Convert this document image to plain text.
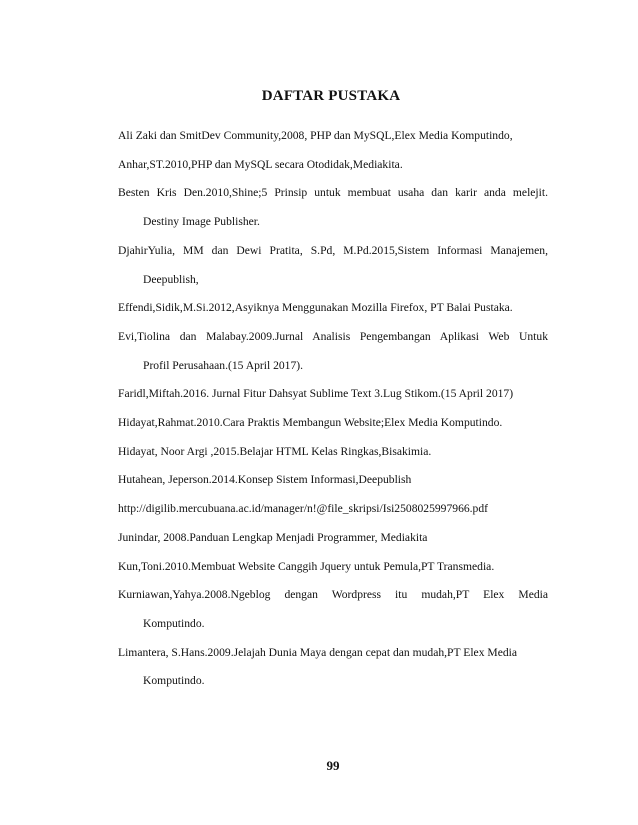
DAFTAR PUSTAKA
Ali Zaki dan SmitDev Community,2008, PHP dan MySQL,Elex Media Komputindo,
Anhar,ST.2010,PHP dan MySQL secara Otodidak,Mediakita.
Besten Kris Den.2010,Shine;5 Prinsip untuk membuat usaha dan karir anda melejit.
Destiny Image Publisher.
DjahirYulia, MM dan Dewi Pratita, S.Pd, M.Pd.2015,Sistem Informasi Manajemen,
Deepublish,
Effendi,Sidik,M.Si.2012,Asyiknya Menggunakan Mozilla Firefox, PT Balai Pustaka.
Evi,Tiolina dan Malabay.2009.Jurnal Analisis Pengembangan Aplikasi Web Untuk
Profil Perusahaan.(15 April 2017).
Faridl,Miftah.2016. Jurnal Fitur Dahsyat Sublime Text 3.Lug Stikom.(15 April 2017)
Hidayat,Rahmat.2010.Cara Praktis Membangun Website;Elex Media Komputindo.
Hidayat, Noor Argi ,2015.Belajar HTML Kelas Ringkas,Bisakimia.
Hutahean, Jeperson.2014.Konsep Sistem Informasi,Deepublish
http://digilib.mercubuana.ac.id/manager/n!@file_skripsi/Isi2508025997966.pdf
Junindar, 2008.Panduan Lengkap Menjadi Programmer, Mediakita
Kun,Toni.2010.Membuat Website Canggih Jquery untuk Pemula,PT Transmedia.
Kurniawan,Yahya.2008.Ngeblog dengan Wordpress itu mudah,PT Elex Media
Komputindo.
Limantera, S.Hans.2009.Jelajah Dunia Maya dengan cepat dan mudah,PT Elex Media
Komputindo.
99
